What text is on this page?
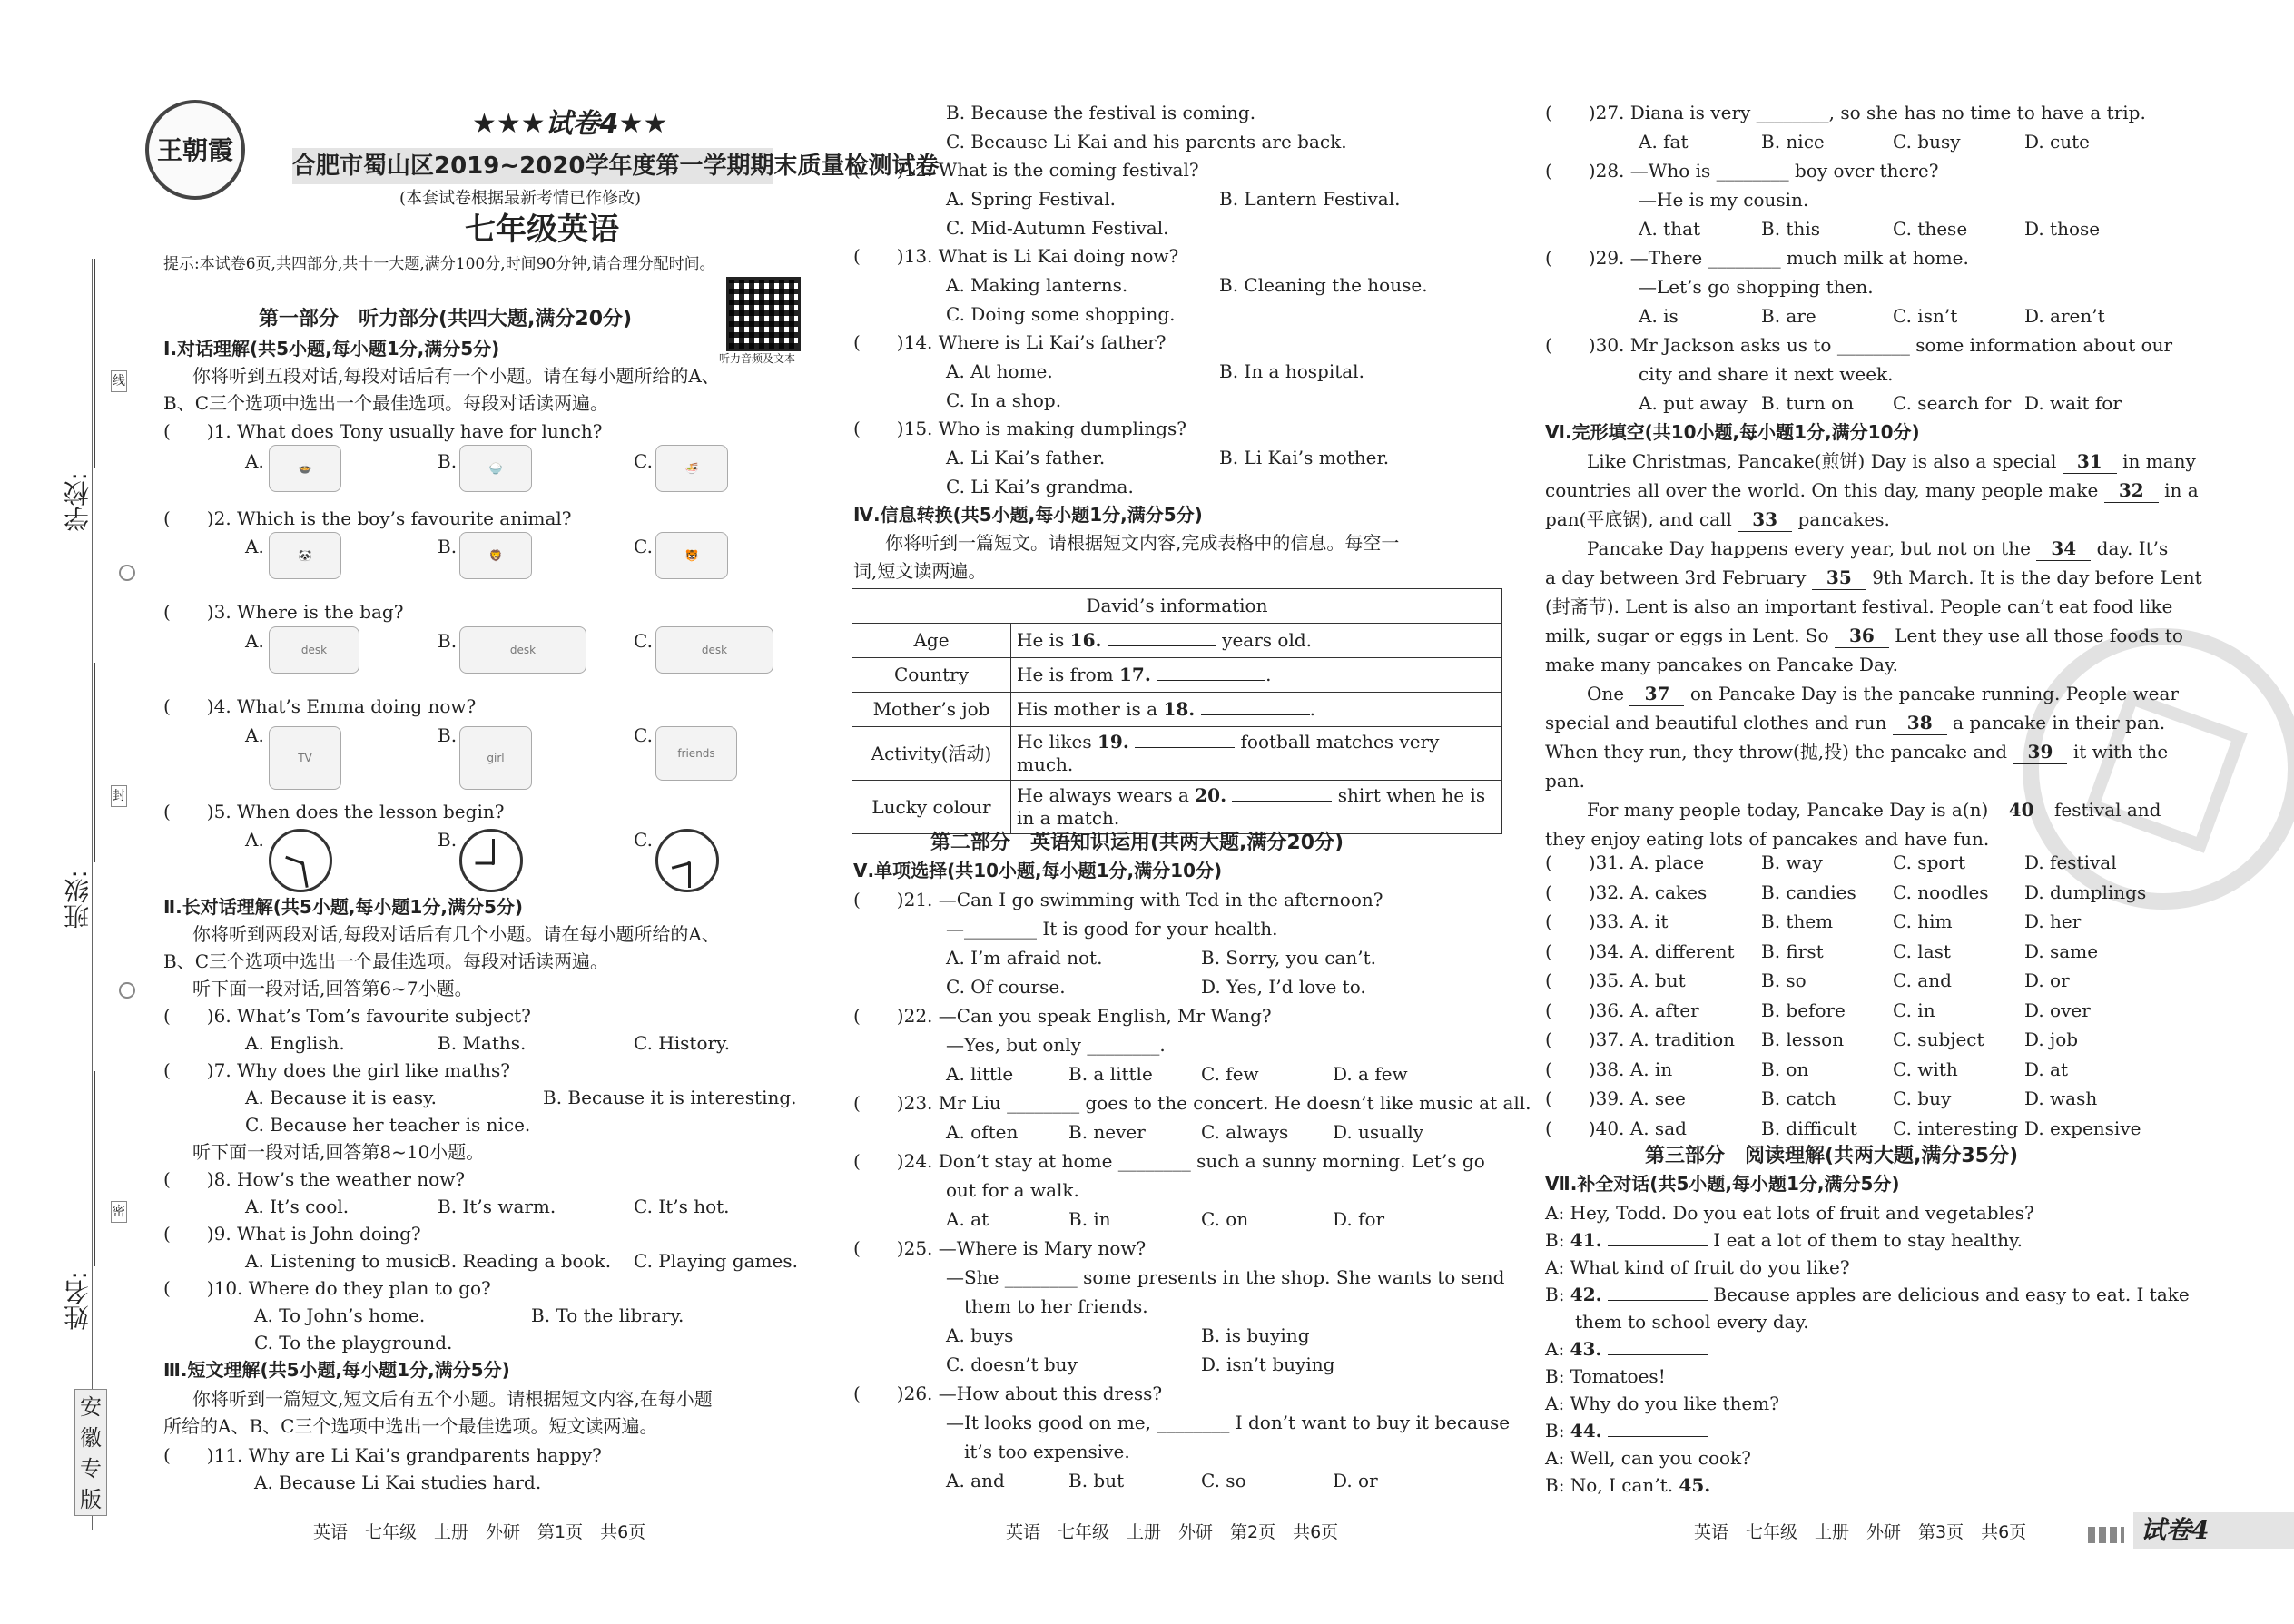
线
封
密
学校:
班级:
姓名:
安徽专版
王朝霞
★★★试卷4★★
合肥市蜀山区2019~2020学年度第一学期期末质量检测试卷
(本套试卷根据最新考情已作修改)
七年级英语
提示:本试卷6页,共四部分,共十一大题,满分100分,时间90分钟,请合理分配时间。
听力音频及文本
第一部分　听力部分(共四大题,满分20分)
Ⅰ.对话理解(共5小题,每小题1分,满分5分)
你将听到五段对话,每段对话后有一个小题。请在每小题所给的A、
B、C三个选项中选出一个最佳选项。每段对话读两遍。
(　　)1. What does Tony usually have for lunch?
A.	🍲	B.	🍚	C.	🍜
(　　)2. Which is the boy’s favourite animal?
A.	🐼	B.	🦁	C.	🐯
(　　)3. Where is the bag?
A.	desk	B.	desk	C.	desk
(　　)4. What’s Emma doing now?
A.
TV
B.
girl
C.
friends
(　　)5. When does the lesson begin?
A.	B.	C.
Ⅱ.长对话理解(共5小题,每小题1分,满分5分)
你将听到两段对话,每段对话后有几个小题。请在每小题所给的A、
B、C三个选项中选出一个最佳选项。每段对话读两遍。
听下面一段对话,回答第6~7小题。
(　　)6. What’s Tom’s favourite subject?
A. English.	B. Maths.	C. History.
(　　)7. Why does the girl like maths?
A. Because it is easy.	B. Because it is interesting.
C. Because her teacher is nice.
听下面一段对话,回答第8~10小题。
(　　)8. How’s the weather now?
A. It’s cool.	B. It’s warm.	C. It’s hot.
(　　)9. What is John doing?
A. Listening to music.
B. Reading a book. C. Playing games.
(　　)10. Where do they plan to go?
A. To John’s home.	B. To the library.
C. To the playground.
Ⅲ.短文理解(共5小题,每小题1分,满分5分)
你将听到一篇短文,短文后有五个小题。请根据短文内容,在每小题
所给的A、B、C三个选项中选出一个最佳选项。短文读两遍。
(　　)11. Why are Li Kai’s grandparents happy?
A. Because Li Kai studies hard.
英语　七年级　上册　外研　第1页　共6页
B. Because the festival is coming.
C. Because Li Kai and his parents are back.
(　　)12. What is the coming festival?
A. Spring Festival.	B. Lantern Festival.
C. Mid-Autumn Festival.
(　　)13. What is Li Kai doing now?
A. Making lanterns.	B. Cleaning the house.
C. Doing some shopping.
(　　)14. Where is Li Kai’s father?
A. At home.	B. In a hospital.
C. In a shop.
(　　)15. Who is making dumplings?
A. Li Kai’s father.	B. Li Kai’s mother.
C. Li Kai’s grandma.
Ⅳ.信息转换(共5小题,每小题1分,满分5分)
你将听到一篇短文。请根据短文内容,完成表格中的信息。每空一
词,短文读两遍。
David’s information	
Age	He is 16. years old.
Country	He is from 17. .
Mother’s job	His mother is a 18. .
Activity(活动)	He likes 19. football matches very much.
Lucky colour	He always wears a 20. shirt when he is in a match.
第二部分　英语知识运用(共两大题,满分20分)
Ⅴ.单项选择(共10小题,每小题1分,满分10分)
(　　)21. —Can I go swimming with Ted in the afternoon?
—________ It is good for your health.
A. I’m afraid not.	B. Sorry, you can’t.
C. Of course.	D. Yes, I’d love to.
(　　)22. —Can you speak English, Mr Wang?
—Yes, but only ________.
A. little	B. a little	C. few	D. a few
(　　)23. Mr Liu ________ goes to the concert. He doesn’t like music at all.
A. often	B. never	C. always D. usually
(　　)24. Don’t stay at home ________ such a sunny morning. Let’s go
out for a walk.
A. at	B. in	C. on	D. for
(　　)25. —Where is Mary now?
—She ________ some presents in the shop. She wants to send
them to her friends.
A. buys	B. is buying
C. doesn’t buy	D. isn’t buying
(　　)26. —How about this dress?
—It looks good on me, ________ I don’t want to buy it because
it’s too expensive.
A. and	B. but	C. so	D. or
英语　七年级　上册　外研　第2页　共6页
(　　)27. Diana is very ________, so she has no time to have a trip.
A. fat	B. nice	C. busy	D. cute
(　　)28. —Who is ________ boy over there?
—He is my cousin.
A. that	B. this	C. these	D. those
(　　)29. —There ________ much milk at home.
—Let’s go shopping then.
A. is	B. are	C. isn’t	D. aren’t
(　　)30. Mr Jackson asks us to ________ some information about our
city and share it next week.
A. put away B. turn on C. search for D. wait for
Ⅵ.完形填空(共10小题,每小题1分,满分10分)
Like Christmas, Pancake(煎饼) Day is also a special 31 in many
countries all over the world. On this day, many people make 32 in a
pan(平底锅), and call 33 pancakes.
Pancake Day happens every year, but not on the 34 day. It’s
a day between 3rd February 35 9th March. It is the day before Lent
(封斋节). Lent is also an important festival. People can’t eat food like
milk, sugar or eggs in Lent. So 36 Lent they use all those foods to
make many pancakes on Pancake Day.
One 37 on Pancake Day is the pancake running. People wear
special and beautiful clothes and run 38 a pancake in their pan.
When they run, they throw(抛,投) the pancake and 39 it with the
pan.
For many people today, Pancake Day is a(n) 40 festival and
they enjoy eating lots of pancakes and have fun.
(　　)31. A. place	B. way	C. sport	D. festival
(　　)32. A. cakes	B. candies C. noodles D. dumplings
(　　)33. A. it	B. them	C. him	D. her
(　　)34. A. different B. first	C. last	D. same
(　　)35. A. but	B. so	C. and	D. or
(　　)36. A. after	B. before	C. in	D. over
(　　)37. A. tradition B. lesson	C. subject D. job
(　　)38. A. in	B. on	C. with	D. at
(　　)39. A. see	B. catch	C. buy	D. wash
(　　)40. A. sad	B. difficult C. interesting D. expensive
第三部分　阅读理解(共两大题,满分35分)
Ⅶ.补全对话(共5小题,每小题1分,满分5分)
A: Hey, Todd. Do you eat lots of fruit and vegetables?
B: 41.	I eat a lot of them to stay healthy.
A: What kind of fruit do you like?
B: 42.	Because apples are delicious and easy to eat. I take
them to school every day.
A: 43.
B: Tomatoes!
A: Why do you like them?
B: 44.
A: Well, can you cook?
B: No, I can’t. 45.
英语　七年级　上册　外研　第3页　共6页	试卷4
